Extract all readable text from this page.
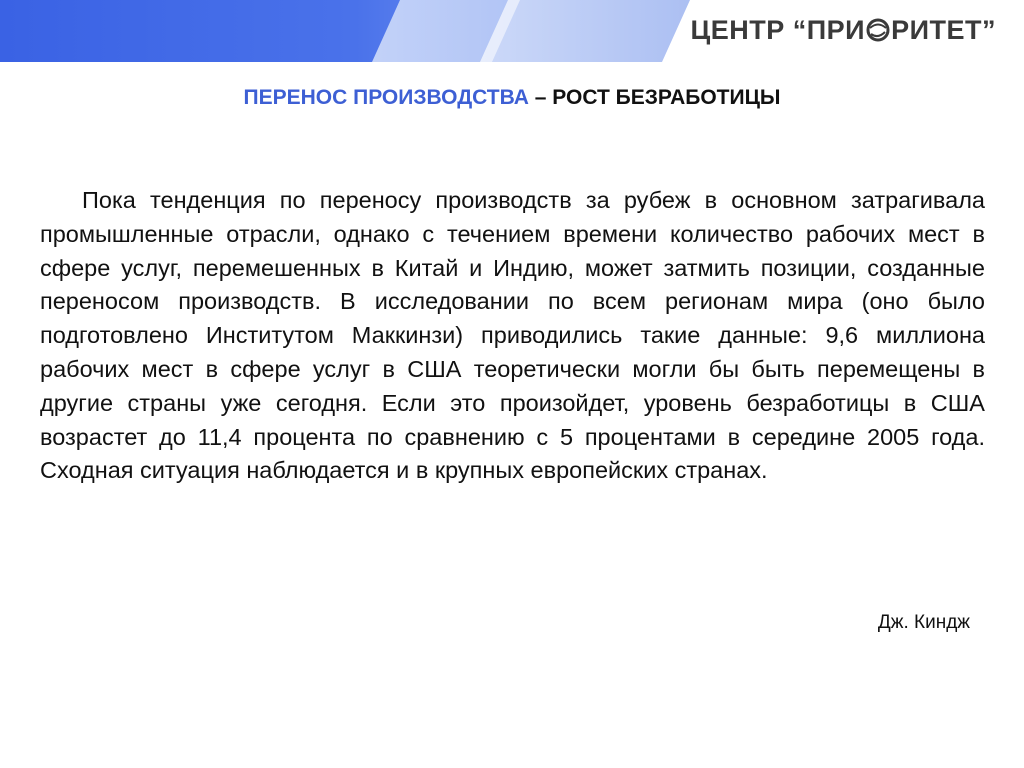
ЦЕНТР “ПРИ РИТЕТ”
ПЕРЕНОС ПРОИЗВОДСТВА – РОСТ БЕЗРАБОТИЦЫ

Пока тенденция по переносу производств за рубеж в основном затрагивала промышленные отрасли, однако с течением времени количество рабочих мест в сфере услуг, перемешенных в Китай и Индию, может затмить позиции, созданные переносом производств. В исследовании по всем регионам мира (оно было подготовлено Институтом Маккинзи) приводились такие данные: 9,6 миллиона рабочих мест в сфере услуг в США теоретически могли бы быть перемещены в другие страны уже сегодня. Если это произойдет, уровень безработицы в США возрастет до 11,4 процента по сравнению с 5 процентами в середине 2005 года. Сходная ситуация наблюдается и в крупных европейских странах.

Дж. Киндж
